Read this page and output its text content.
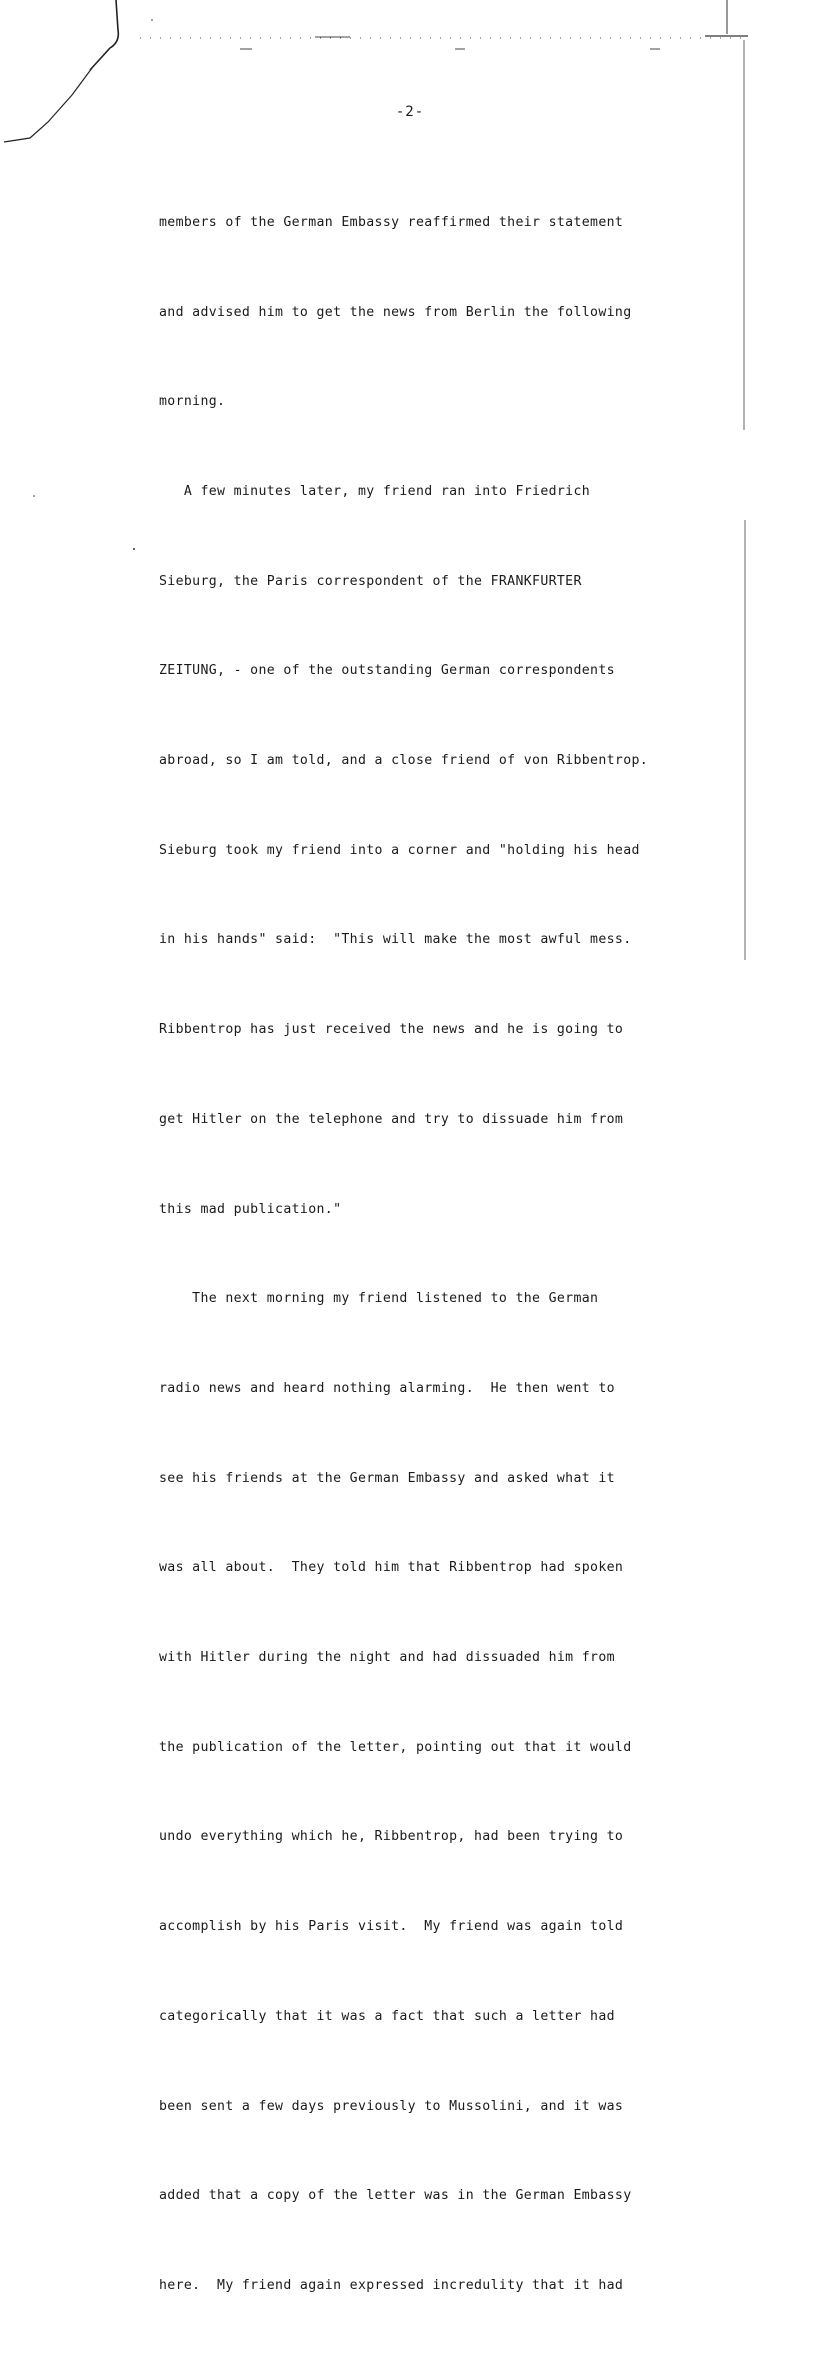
-2-

members of the German Embassy reaffirmed their statement

and advised him to get the news from Berlin the following

morning.

A few minutes later, my friend ran into Friedrich

Sieburg, the Paris correspondent of the FRANKFURTER

ZEITUNG, - one of the outstanding German correspondents

abroad, so I am told, and a close friend of von Ribbentrop.

Sieburg took my friend into a corner and "holding his head

in his hands" said:  "This will make the most awful mess.

Ribbentrop has just received the news and he is going to

get Hitler on the telephone and try to dissuade him from

this mad publication."

The next morning my friend listened to the German

radio news and heard nothing alarming.  He then went to

see his friends at the German Embassy and asked what it

was all about.  They told him that Ribbentrop had spoken

with Hitler during the night and had dissuaded him from

the publication of the letter, pointing out that it would

undo everything which he, Ribbentrop, had been trying to

accomplish by his Paris visit.  My friend was again told

categorically that it was a fact that such a letter had

been sent a few days previously to Mussolini, and it was

added that a copy of the letter was in the German Embassy

here.  My friend again expressed incredulity that it had
